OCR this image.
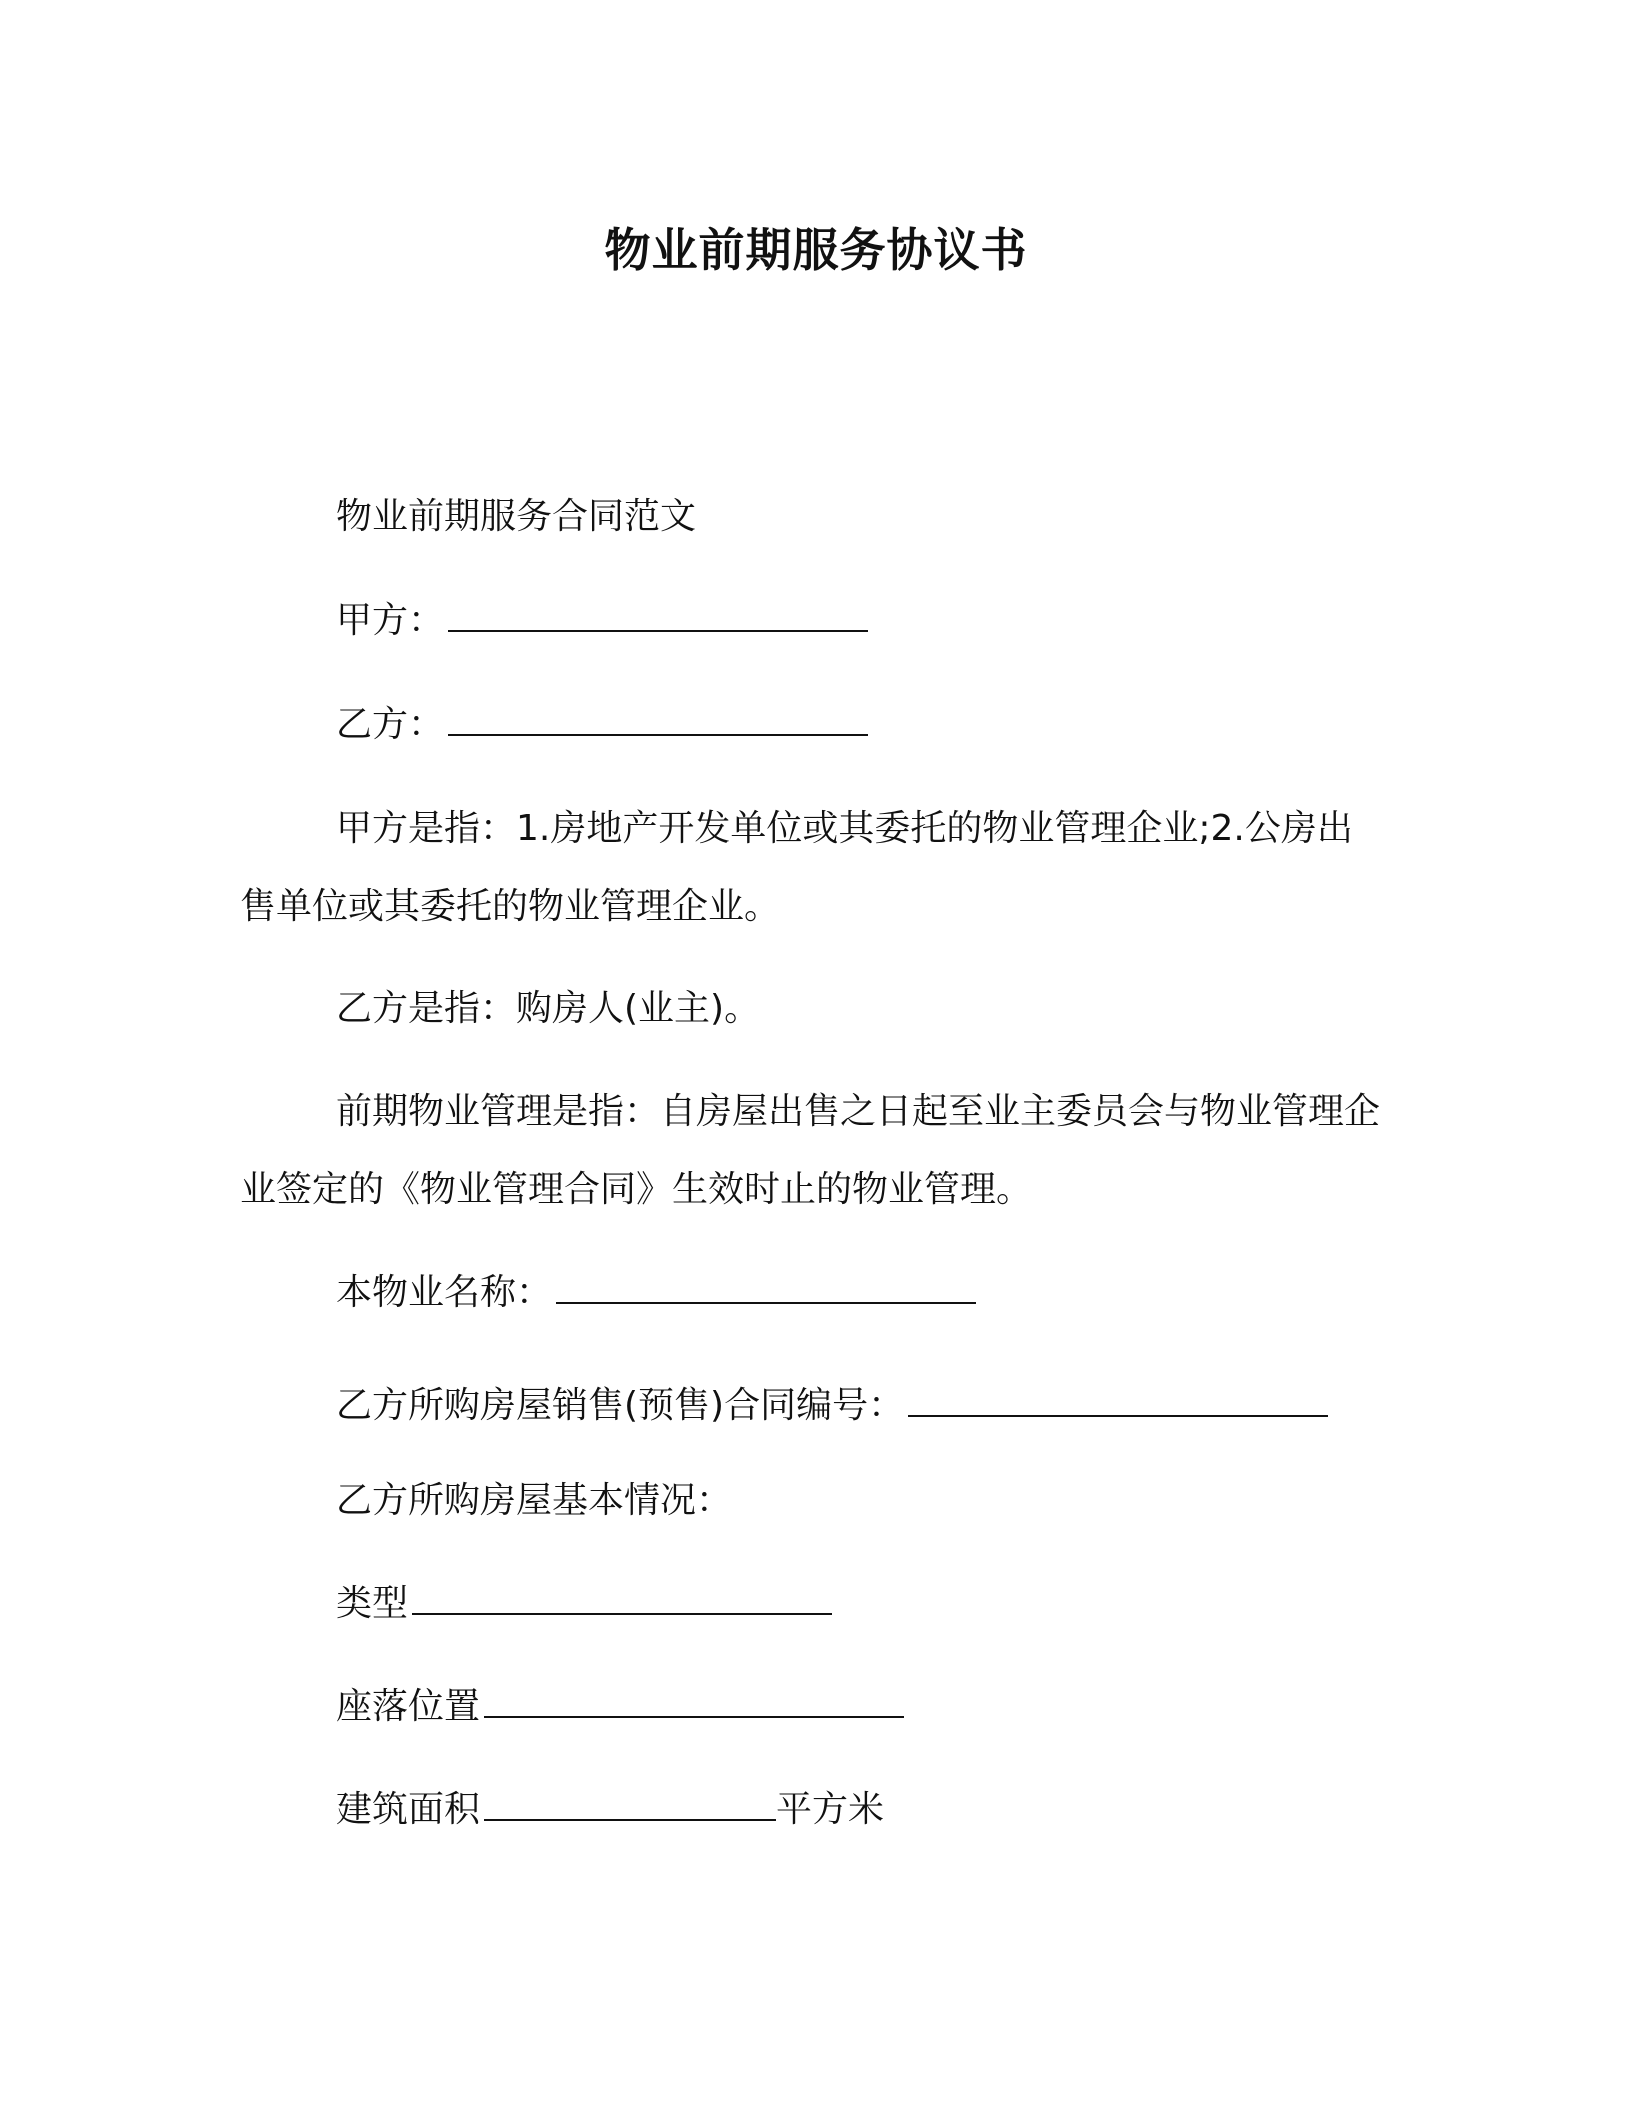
物业前期服务协议书
物业前期服务合同范文
甲方：
乙方：
甲方是指：1.房地产开发单位或其委托的物业管理企业;2.公房出售单位或其委托的物业管理企业。
乙方是指：购房人(业主)。
前期物业管理是指：自房屋出售之日起至业主委员会与物业管理企业签定的《物业管理合同》生效时止的物业管理。
本物业名称：
乙方所购房屋销售(预售)合同编号：
乙方所购房屋基本情况：
类型
座落位置
建筑面积	平方米
